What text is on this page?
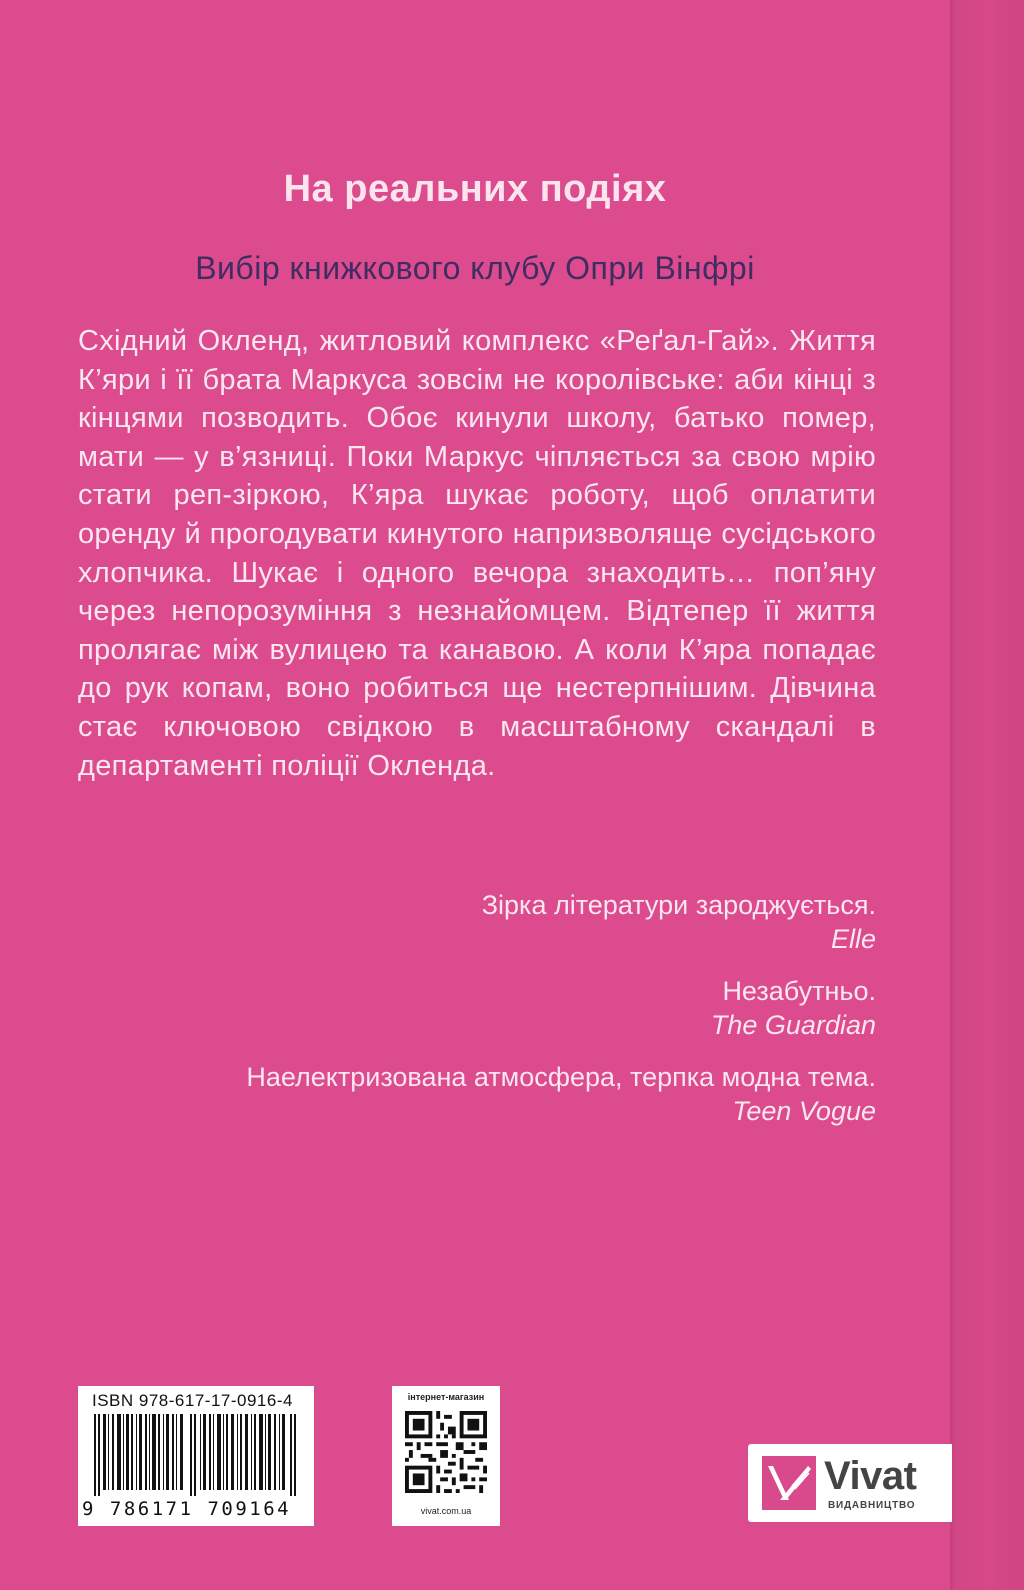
На реальних подіях
Вибір книжкового клубу Опри Вінфрі
Східний Окленд, житловий комплекс «Реґал-Гай». Життя К’яри і її брата Маркуса зовсім не королівське: аби кінці з кінцями позводить. Обоє кинули школу, батько помер, мати — у в’язниці. Поки Маркус чіпляється за свою мрію стати реп-зіркою, К’яра шукає роботу, щоб оплатити оренду й прогодувати кинутого напризволяще сусідського хлопчика. Шукає і одного вечора знаходить… поп’яну через непорозуміння з незнайомцем. Відтепер її життя пролягає між вулицею та канавою. А коли К’яра попадає до рук копам, воно робиться ще нестерпнішим. Дівчина стає ключовою свідкою в масштабному скандалі в департаменті поліції Окленда.
Зірка літератури зароджується.
Elle
Незабутньо.
The Guardian
Наелектризована атмосфера, терпка модна тема.
Teen Vogue
ISBN 978-617-17-0916-4
9 786171 709164
інтернет-магазин
vivat.com.ua
Vivat
ВИДАВНИЦТВО
